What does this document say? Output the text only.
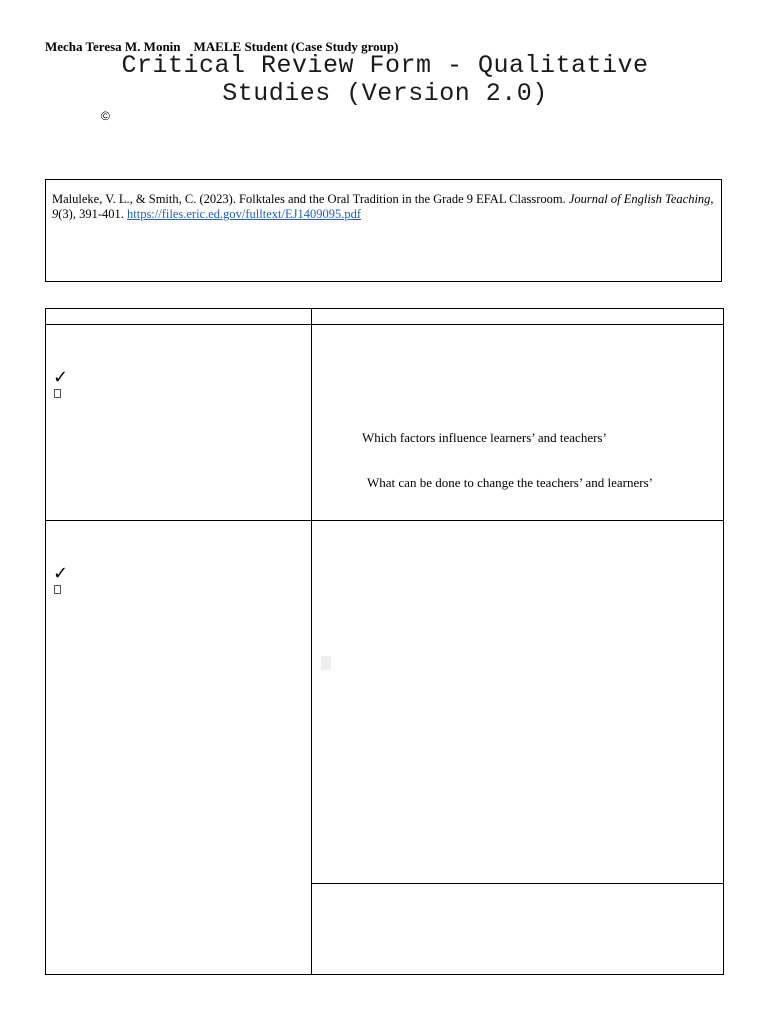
Mecha Teresa M. Monin    MAELE Student (Case Study group)
Critical Review Form - Qualitative
Studies (Version 2.0)
©
Maluleke, V. L., & Smith, C. (2023). Folktales and the Oral Tradition in the Grade 9 EFAL Classroom. Journal of English Teaching, 9(3), 391-401. https://files.eric.ed.gov/fulltext/EJ1409095.pdf
✓
Which factors influence learners’ and teachers’
What can be done to change the teachers’ and learners’
✓
